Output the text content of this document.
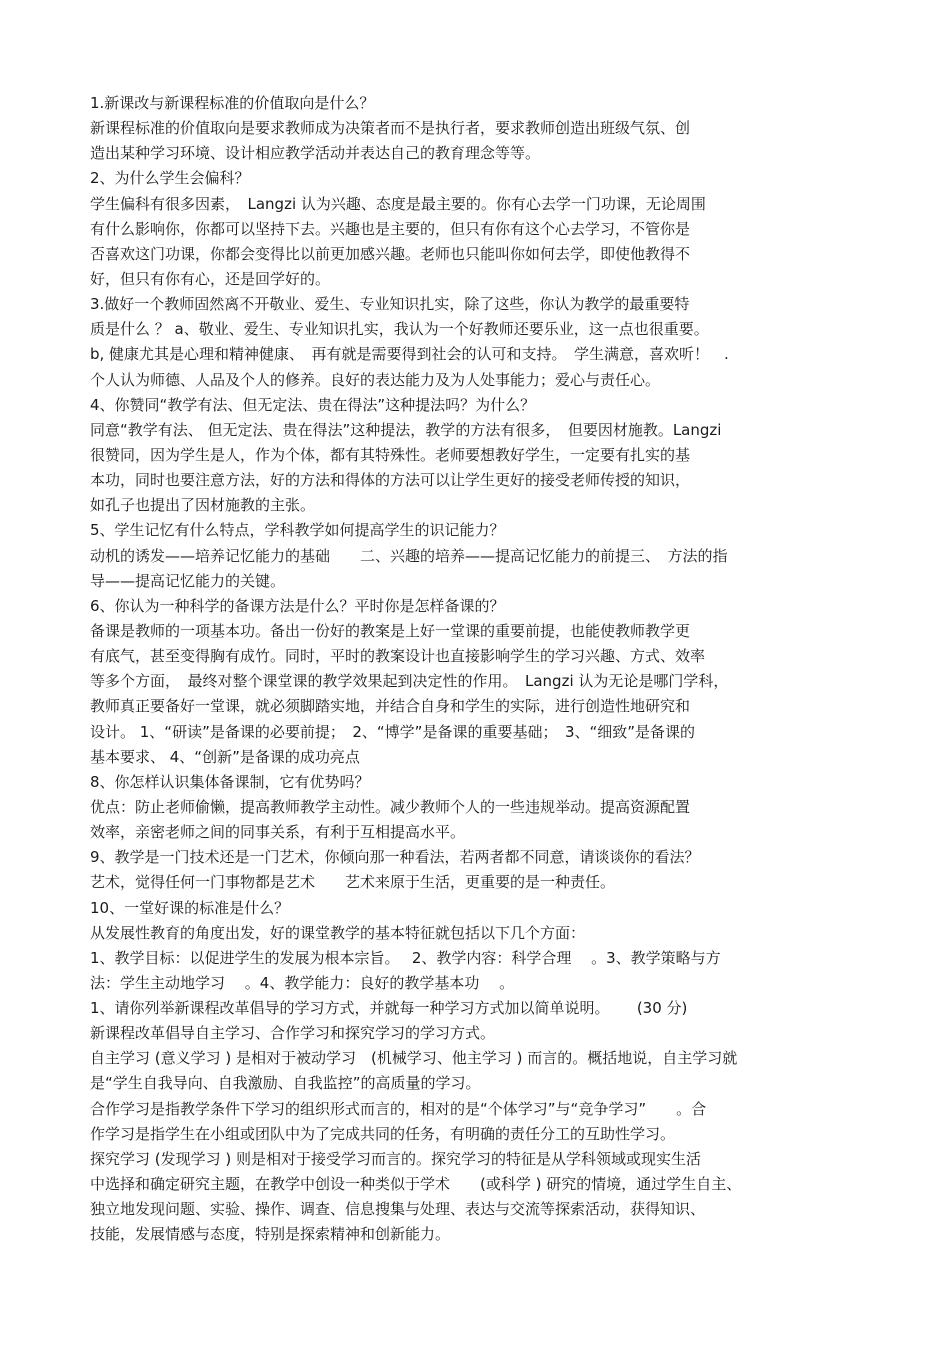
1.新课改与新课程标准的价值取向是什么？
新课程标准的价值取向是要求教师成为决策者而不是执行者，要求教师创造出班级气氛、创
造出某种学习环境、设计相应教学活动并表达自己的教育理念等等。
2、为什么学生会偏科？
学生偏科有很多因素，　Langzi 认为兴趣、态度是最主要的。你有心去学一门功课，无论周围
有什么影响你，你都可以坚持下去。兴趣也是主要的，但只有你有这个心去学习，不管你是
否喜欢这门功课，你都会变得比以前更加感兴趣。老师也只能叫你如何去学，即使他教得不
好，但只有你有心，还是回学好的。
3.做好一个教师固然离不开敬业、爱生、专业知识扎实，除了这些，你认为教学的最重要特
质是什么 ？ a、敬业、爱生、专业知识扎实，我认为一个好教师还要乐业，这一点也很重要。
b, 健康尤其是心理和精神健康、　再有就是需要得到社会的认可和支持。　学生满意，喜欢听！　.
个人认为师德、人品及个人的修养。良好的表达能力及为人处事能力；爱心与责任心。
4、你赞同“教学有法、但无定法、贵在得法”这种提法吗？为什么？
同意“教学有法、 但无定法、贵在得法”这种提法，教学的方法有很多，　但要因材施教。Langzi
很赞同，因为学生是人，作为个体，都有其特殊性。老师要想教好学生，一定要有扎实的基
本功，同时也要注意方法，好的方法和得体的方法可以让学生更好的接受老师传授的知识，
如孔子也提出了因材施教的主张。
5、学生记忆有什么特点，学科教学如何提高学生的识记能力？
动机的诱发——培养记忆能力的基础　　二、兴趣的培养——提高记忆能力的前提三、　方法的指
导——提高记忆能力的关键。
6、你认为一种科学的备课方法是什么？平时你是怎样备课的？
备课是教师的一项基本功。备出一份好的教案是上好一堂课的重要前提，也能使教师教学更
有底气，甚至变得胸有成竹。同时，平时的教案设计也直接影响学生的学习兴趣、方式、效率
等多个方面，　最终对整个课堂课的教学效果起到决定性的作用。　Langzi 认为无论是哪门学科，
教师真正要备好一堂课，就必须脚踏实地，并结合自身和学生的实际，进行创造性地研究和
设计。 1、“研读”是备课的必要前提；　2、“博学”是备课的重要基础；　3、“细致”是备课的
基本要求、 4、“创新”是备课的成功亮点
8、你怎样认识集体备课制，它有优势吗？
优点：防止老师偷懒，提高教师教学主动性。减少教师个人的一些违规举动。提高资源配置
效率，亲密老师之间的同事关系，有利于互相提高水平。
9、教学是一门技术还是一门艺术，你倾向那一种看法，若两者都不同意，请谈谈你的看法？
艺术，觉得任何一门事物都是艺术　　艺术来原于生活，更重要的是一种责任。
10、一堂好课的标准是什么？
从发展性教育的角度出发，好的课堂教学的基本特征就包括以下几个方面：
1、教学目标：以促进学生的发展为根本宗旨。　 2、教学内容：科学合理　 。3、教学策略与方
法：学生主动地学习　 。4、教学能力：良好的教学基本功　 。
1、请你列举新课程改革倡导的学习方式，并就每一种学习方式加以简单说明。　　 (30 分)
新课程改革倡导自主学习、合作学习和探究学习的学习方式。
自主学习 (意义学习 ) 是相对于被动学习　(机械学习、他主学习 ) 而言的。概括地说，自主学习就
是“学生自我导向、自我激励、自我监控”的高质量的学习。
合作学习是指教学条件下学习的组织形式而言的，相对的是“个体学习”与“竞争学习”　　。合
作学习是指学生在小组或团队中为了完成共同的任务，有明确的责任分工的互助性学习。
探究学习 (发现学习 ) 则是相对于接受学习而言的。探究学习的特征是从学科领域或现实生活
中选择和确定研究主题，在教学中创设一种类似于学术　　(或科学 ) 研究的情境，通过学生自主、
独立地发现问题、实验、操作、调查、信息搜集与处理、表达与交流等探索活动，获得知识、
技能，发展情感与态度，特别是探索精神和创新能力。
